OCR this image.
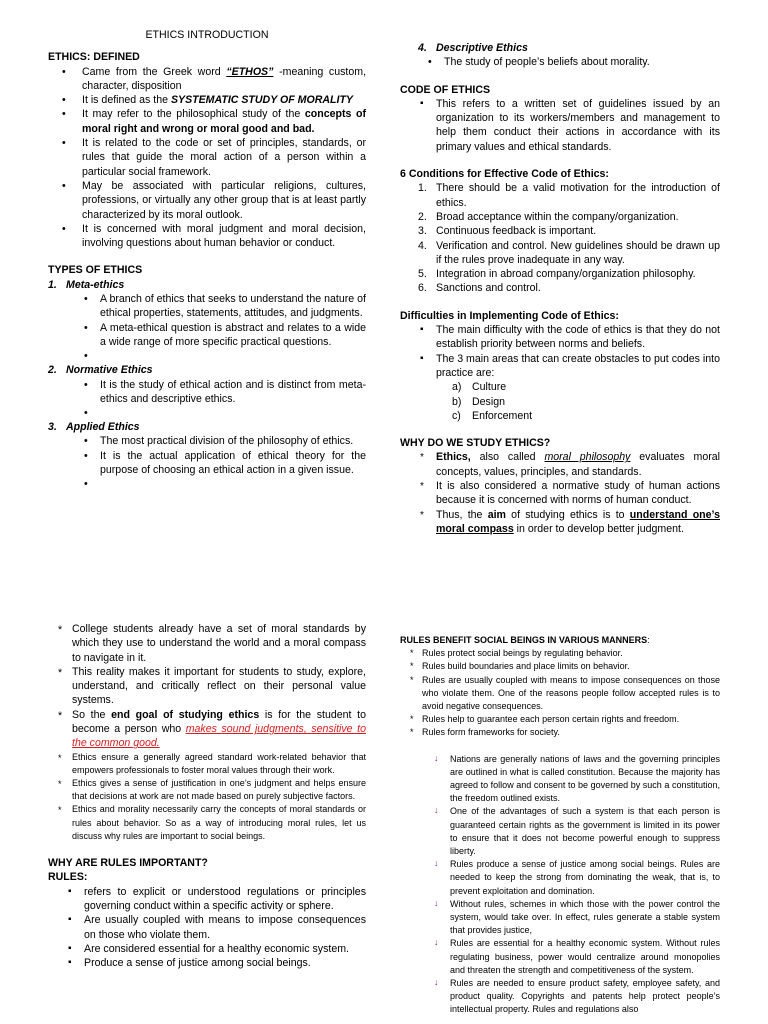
ETHICS INTRODUCTION
ETHICS: DEFINED
• Came from the Greek word “ETHOS” -meaning custom, character, disposition
• It is defined as the SYSTEMATIC STUDY OF MORALITY
• It may refer to the philosophical study of the concepts of moral right and wrong or moral good and bad.
• It is related to the code or set of principles, standards, or rules that guide the moral action of a person within a particular social framework.
• May be associated with particular religions, cultures, professions, or virtually any other group that is at least partly characterized by its moral outlook.
• It is concerned with moral judgment and moral decision, involving questions about human behavior or conduct.
TYPES OF ETHICS
1. Meta-ethics
• A branch of ethics that seeks to understand the nature of ethical properties, statements, attitudes, and judgments.
• A meta-ethical question is abstract and relates to a wide a wide range of more specific practical questions.
•
2. Normative Ethics
• It is the study of ethical action and is distinct from meta-ethics and descriptive ethics.
•
3. Applied Ethics
• The most practical division of the philosophy of ethics.
• It is the actual application of ethical theory for the purpose of choosing an ethical action in a given issue.
•
4. Descriptive Ethics
• The study of people’s beliefs about morality.
CODE OF ETHICS
▪ This refers to a written set of guidelines issued by an organization to its workers/members and management to help them conduct their actions in accordance with its primary values and ethical standards.
6 Conditions for Effective Code of Ethics:
1. There should be a valid motivation for the introduction of ethics.
2. Broad acceptance within the company/organization.
3. Continuous feedback is important.
4. Verification and control. New guidelines should be drawn up if the rules prove inadequate in any way.
5. Integration in abroad company/organization philosophy.
6. Sanctions and control.
Difficulties in Implementing Code of Ethics:
▪ The main difficulty with the code of ethics is that they do not establish priority between norms and beliefs.
▪ The 3 main areas that can create obstacles to put codes into practice are:
a) Culture
b) Design
c) Enforcement
WHY DO WE STUDY ETHICS?
* Ethics, also called moral philosophy evaluates moral concepts, values, principles, and standards.
* It is also considered a normative study of human actions because it is concerned with norms of human conduct.
* Thus, the aim of studying ethics is to understand one’s moral compass in order to develop better judgment.
* College students already have a set of moral standards by which they use to understand the world and a moral compass to navigate in it.
* This reality makes it important for students to study, explore, understand, and critically reflect on their personal value systems.
* So the end goal of studying ethics is for the student to become a person who makes sound judgments, sensitive to the common good.
* Ethics ensure a generally agreed standard work-related behavior that empowers professionals to foster moral values through their work.
* Ethics gives a sense of justification in one’s judgment and helps ensure that decisions at work are not made based on purely subjective factors.
* Ethics and morality necessarily carry the concepts of moral standards or rules about behavior. So as a way of introducing moral rules, let us discuss why rules are important to social beings.
WHY ARE RULES IMPORTANT?
RULES:
▪ refers to explicit or understood regulations or principles governing conduct within a specific activity or sphere.
▪ Are usually coupled with means to impose consequences on those who violate them.
▪ Are considered essential for a healthy economic system.
▪ Produce a sense of justice among social beings.
RULES BENEFIT SOCIAL BEINGS IN VARIOUS MANNERS:
* Rules protect social beings by regulating behavior.
* Rules build boundaries and place limits on behavior.
* Rules are usually coupled with means to impose consequences on those who violate them. One of the reasons people follow accepted rules is to avoid negative consequences.
* Rules help to guarantee each person certain rights and freedom.
* Rules form frameworks for society.
↓ Nations are generally nations of laws and the governing principles are outlined in what is called constitution. Because the majority has agreed to follow and consent to be governed by such a constitution, the freedom outlined exists.
↓ One of the advantages of such a system is that each person is guaranteed certain rights as the government is limited in its power to ensure that it does not become powerful enough to suppress liberty.
↓ Rules produce a sense of justice among social beings. Rules are needed to keep the strong from dominating the weak, that is, to prevent exploitation and domination.
↓ Without rules, schemes in which those with the power control the system, would take over. In effect, rules generate a stable system that provides justice,
↓ Rules are essential for a healthy economic system. Without rules regulating business, power would centralize around monopolies and threaten the strength and competitiveness of the system.
↓ Rules are needed to ensure product safety, employee safety, and product quality. Copyrights and patents help protect people’s intellectual property. Rules and regulations also
